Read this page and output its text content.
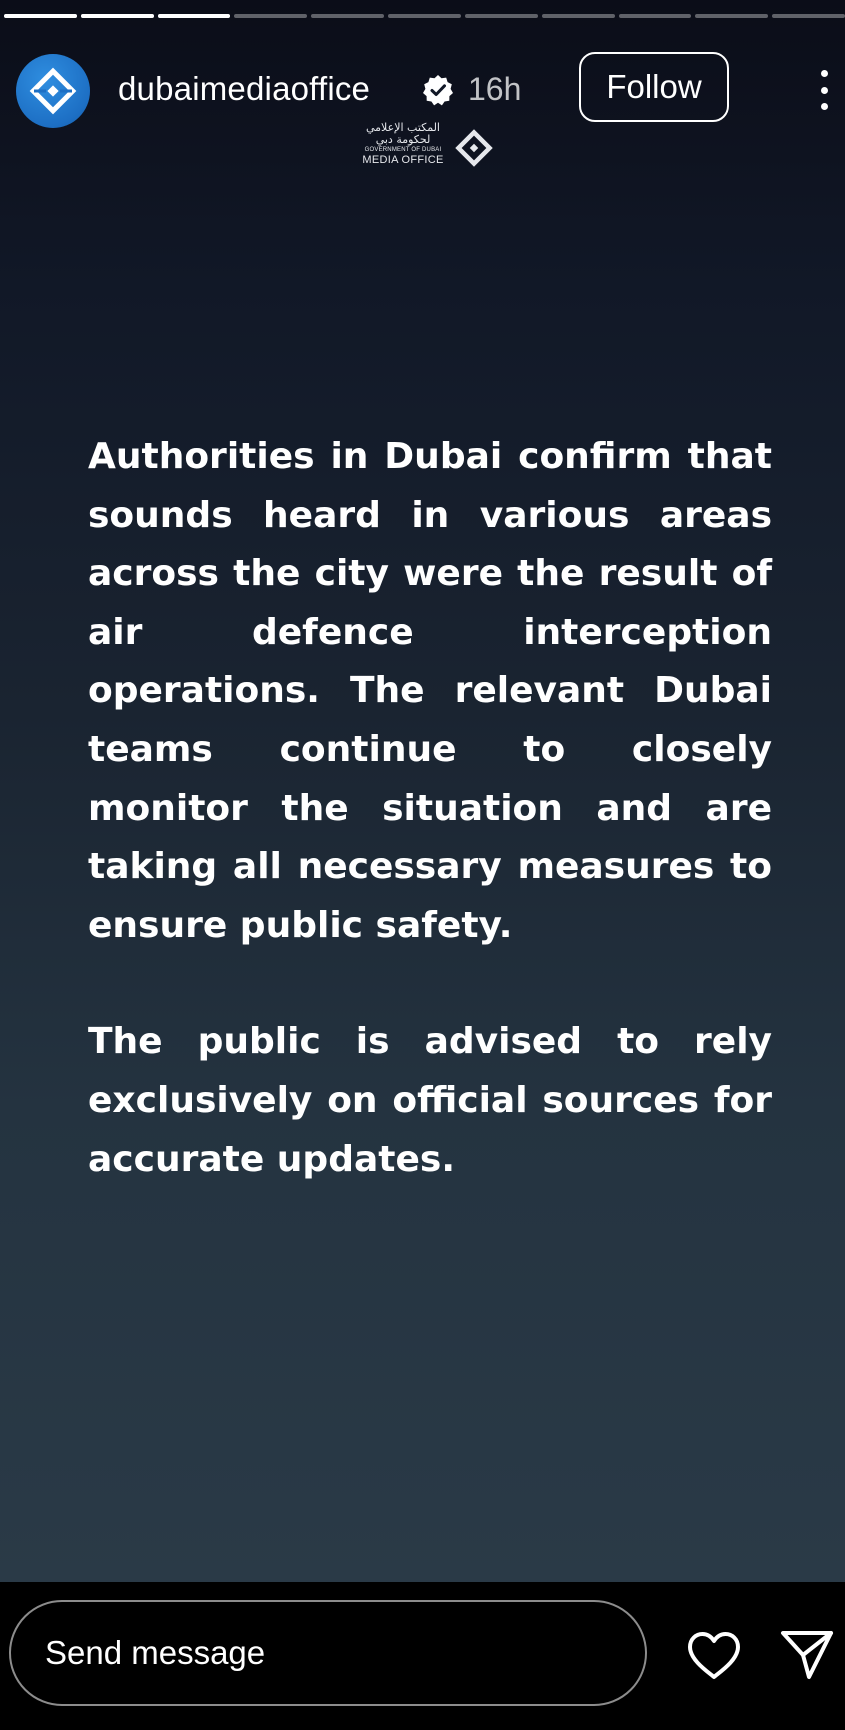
dubaimediaoffice	16h	Follow
المكتب الإعلامي
لحكومة دبي
GOVERNMENT OF DUBAI
MEDIA OFFICE

Authorities in Dubai confirm that sounds heard in various areas across the city were the result of air defence interception operations. The relevant Dubai teams continue to closely monitor the situation and are taking all necessary measures to ensure public safety.

The public is advised to rely exclusively on official sources for accurate updates.

Send message
